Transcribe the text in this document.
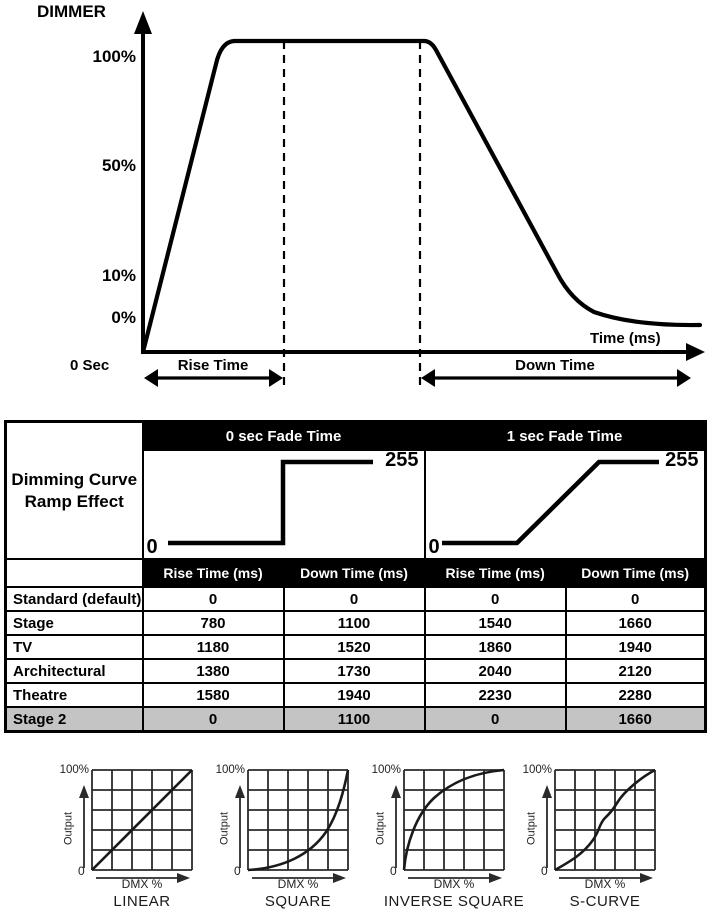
DIMMER
100%
50%
10%
0%
Time (ms)
0 Sec	Rise Time	Down Time
Dimming Curve
Ramp Effect	0 sec Fade Time		1 sec Fade Time	

	0
255		0
255	

	Rise Time (ms)	Down Time (ms)	Rise Time (ms)	Down Time (ms)
Standard (default)	0	0	0	0
Stage	780	1100	1540	1660
TV	1180	1520	1860	1940
Architectural	1380	1730	2040	2120
Theatre	1580	1940	2230	2280
Stage 2	0	1100	0	1660
100%
Output
0
DMX %
LINEAR
100%
Output
0
DMX %
SQUARE
100%
Output
0
DMX %
INVERSE SQUARE
100%
Output
0
DMX %
S-CURVE
